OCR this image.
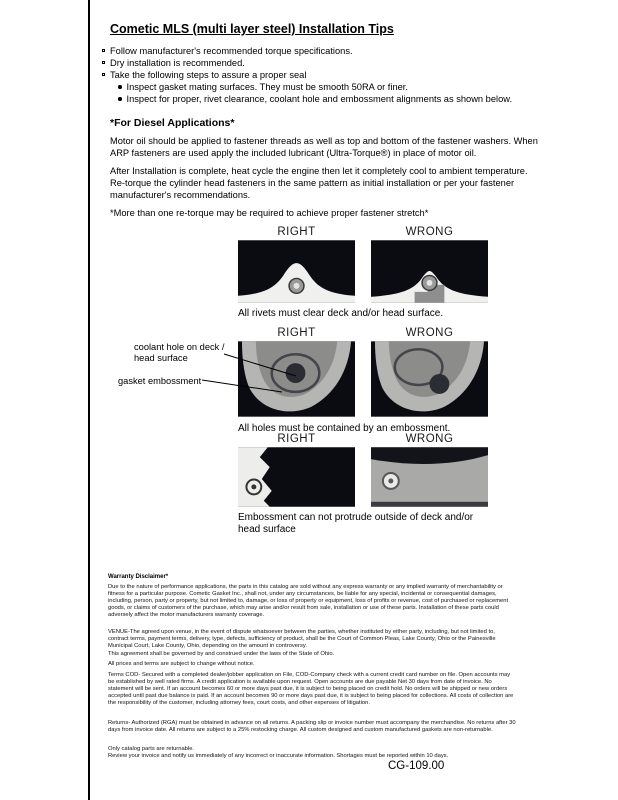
Cometic MLS (multi layer steel) Installation Tips
Follow manufacturer's recommended torque specifications.
Dry installation is recommended.
Take the following steps to assure a proper seal
Inspect gasket mating surfaces. They must be smooth 50RA or finer.
Inspect for proper, rivet clearance, coolant hole and embossment alignments as shown below.
*For Diesel Applications*
Motor oil should be applied to fastener threads as well as top and bottom of the fastener washers. When ARP fasteners are used apply the included lubricant (Ultra-Torque®) in place of motor oil.
After Installation is complete, heat cycle the engine then let it completely cool to ambient temperature. Re-torque the cylinder head fasteners in the same pattern as initial installation or per your fastener manufacturer's recommendations.
*More than one re-torque may be required to achieve proper fastener stretch*
RIGHT	WRONG
All rivets must clear deck and/or head surface.
RIGHT	WRONG
coolant hole on deck / head surface
gasket embossment
All holes must be contained by an embossment.
RIGHT	WRONG
Embossment can not protrude outside of deck and/or head surface
Warranty Disclaimer*
Due to the nature of performance applications, the parts in this catalog are sold without any express warranty or any implied warranty of merchantability or fitness for a particular purpose. Cometic Gasket Inc., shall not, under any circumstances, be liable for any special, incidental or consequential damages, including, person, party or property, but not limited to, damage, or loss of property or equipment, loss of profits or revenue, cost of purchased or replacement goods, or claims of customers of the purchase, which may arise and/or result from sale, installation or use of these parts. Installation of these parts could adversely affect the motor manufacturers warranty coverage.
VENUE-The agreed upon venue, in the event of dispute whatsoever between the parties, whether instituted by either party, including, but not limited to, contract terms, payment terms, delivery, type, defects, sufficiency of product, shall be the Court of Common Pleas, Lake County, Ohio or the Painesville Municipal Court, Lake County, Ohio, depending on the amount in controversy.
This agreement shall be governed by and construed under the laws of the State of Ohio.
All prices and terms are subject to change without notice.
Terms COD- Secured with a completed dealer/jobber application on File, COD-Company check with a current credit card number on file. Open accounts may be established by well rated firms. A credit application is available upon request. Open accounts are due payable Net 30 days from date of invoice. No statement will be sent. If an account becomes 60 or more days past due, it is subject to being placed on credit hold. No orders will be shipped or new orders accepted until past due balance is paid. If an account becomes 90 or more days past due, it is subject to being placed for collections. All costs of collection are the responsibility of the customer, including attorney fees, court costs, and other expenses of litigation.
Returns- Authorized (RGA) must be obtained in advance on all returns. A packing slip or invoice number must accompany the merchandise. No returns after 30 days from invoice date. All returns are subject to a 25% restocking charge. All custom designed and custom manufactured gaskets are non-returnable.
Only catalog parts are returnable.
Review your invoice and notify us immediately of any incorrect or inaccurate information. Shortages must be reported within 10 days.
CG-109.00
